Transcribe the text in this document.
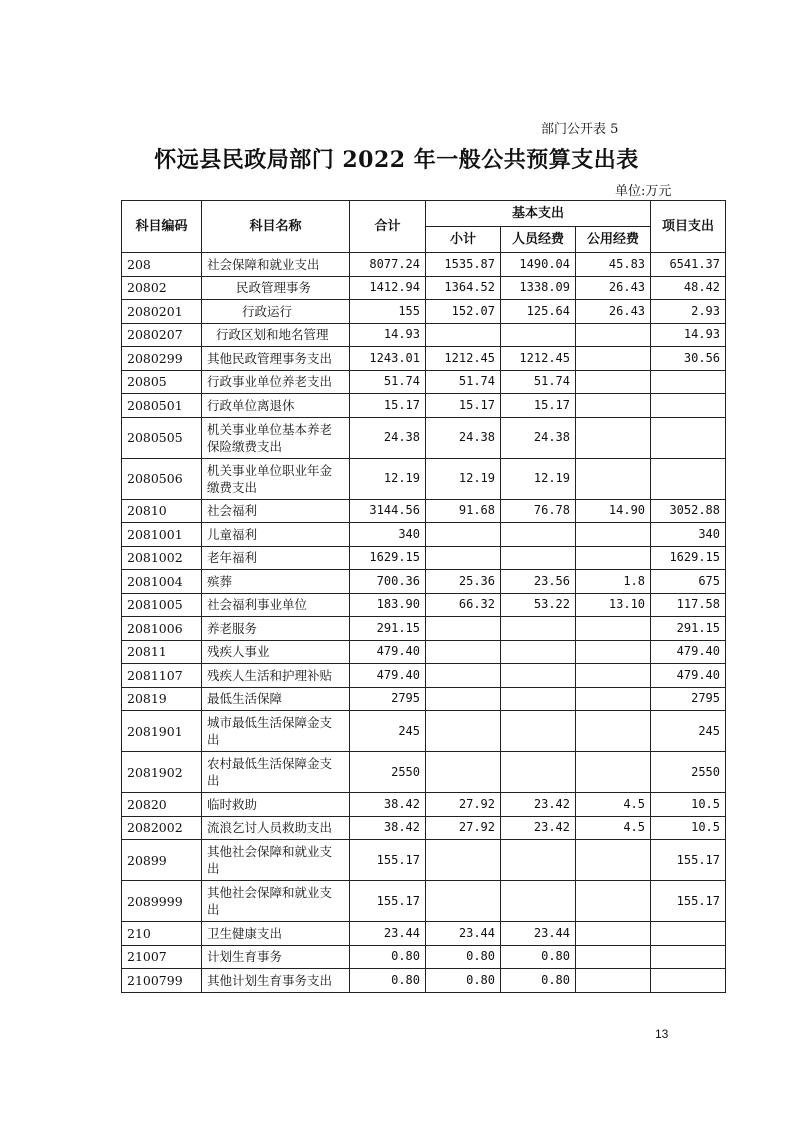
部门公开表 5
怀远县民政局部门 2022 年一般公共预算支出表
单位:万元
科目编码	科目名称	合计	基本支出			项目支出
			小计	人员经费	公用经费	
208	社会保障和就业支出	8077.24	1535.87	1490.04	45.83	6541.37
20802	民政管理事务	1412.94	1364.52	1338.09	26.43	48.42
2080201	行政运行	155	152.07	125.64	26.43	2.93
2080207	行政区划和地名管理	14.93				14.93
2080299	其他民政管理事务支出	1243.01	1212.45	1212.45		30.56
20805	行政事业单位养老支出	51.74	51.74	51.74		
2080501	行政单位离退休	15.17	15.17	15.17		
2080505	机关事业单位基本养老保险缴费支出	24.38	24.38	24.38		
2080506	机关事业单位职业年金缴费支出	12.19	12.19	12.19		
20810	社会福利	3144.56	91.68	76.78	14.90	3052.88
2081001	儿童福利	340				340
2081002	老年福利	1629.15				1629.15
2081004	殡葬	700.36	25.36	23.56	1.8	675
2081005	社会福利事业单位	183.90	66.32	53.22	13.10	117.58
2081006	养老服务	291.15				291.15
20811	残疾人事业	479.40				479.40
2081107	残疾人生活和护理补贴	479.40				479.40
20819	最低生活保障	2795				2795
2081901	城市最低生活保障金支出	245				245
2081902	农村最低生活保障金支出	2550				2550
20820	临时救助	38.42	27.92	23.42	4.5	10.5
2082002	流浪乞讨人员救助支出	38.42	27.92	23.42	4.5	10.5
20899	其他社会保障和就业支出	155.17				155.17
2089999	其他社会保障和就业支出	155.17				155.17
210	卫生健康支出	23.44	23.44	23.44		
21007	计划生育事务	0.80	0.80	0.80		
2100799	其他计划生育事务支出	0.80	0.80	0.80		
13
